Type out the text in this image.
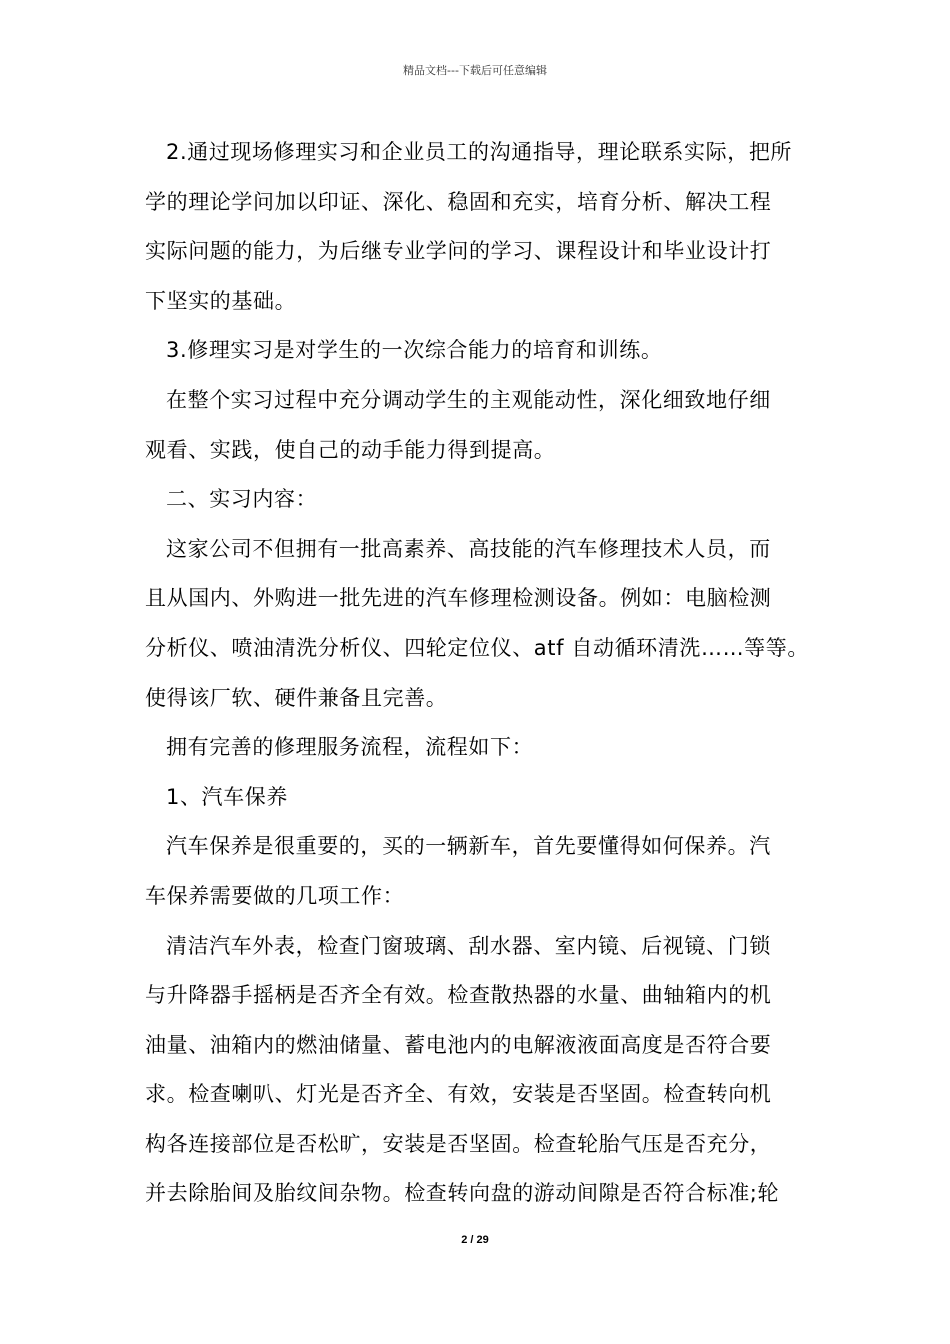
精品文档---下载后可任意编辑
2.通过现场修理实习和企业员工的沟通指导，理论联系实际，把所
学的理论学问加以印证、深化、稳固和充实，培育分析、解决工程
实际问题的能力，为后继专业学问的学习、课程设计和毕业设计打
下坚实的基础。
3.修理实习是对学生的一次综合能力的培育和训练。
在整个实习过程中充分调动学生的主观能动性，深化细致地仔细
观看、实践，使自己的动手能力得到提高。
二、实习内容：
这家公司不但拥有一批高素养、高技能的汽车修理技术人员，而
且从国内、外购进一批先进的汽车修理检测设备。例如：电脑检测
分析仪、喷油清洗分析仪、四轮定位仪、atf 自动循环清洗……等等。
使得该厂软、硬件兼备且完善。
拥有完善的修理服务流程，流程如下：
1、汽车保养
汽车保养是很重要的，买的一辆新车，首先要懂得如何保养。汽
车保养需要做的几项工作：
清洁汽车外表，检查门窗玻璃、刮水器、室内镜、后视镜、门锁
与升降器手摇柄是否齐全有效。检查散热器的水量、曲轴箱内的机
油量、油箱内的燃油储量、蓄电池内的电解液液面高度是否符合要
求。检查喇叭、灯光是否齐全、有效，安装是否坚固。检查转向机
构各连接部位是否松旷，安装是否坚固。检查轮胎气压是否充分，
并去除胎间及胎纹间杂物。检查转向盘的游动间隙是否符合标准;轮
2 / 29
